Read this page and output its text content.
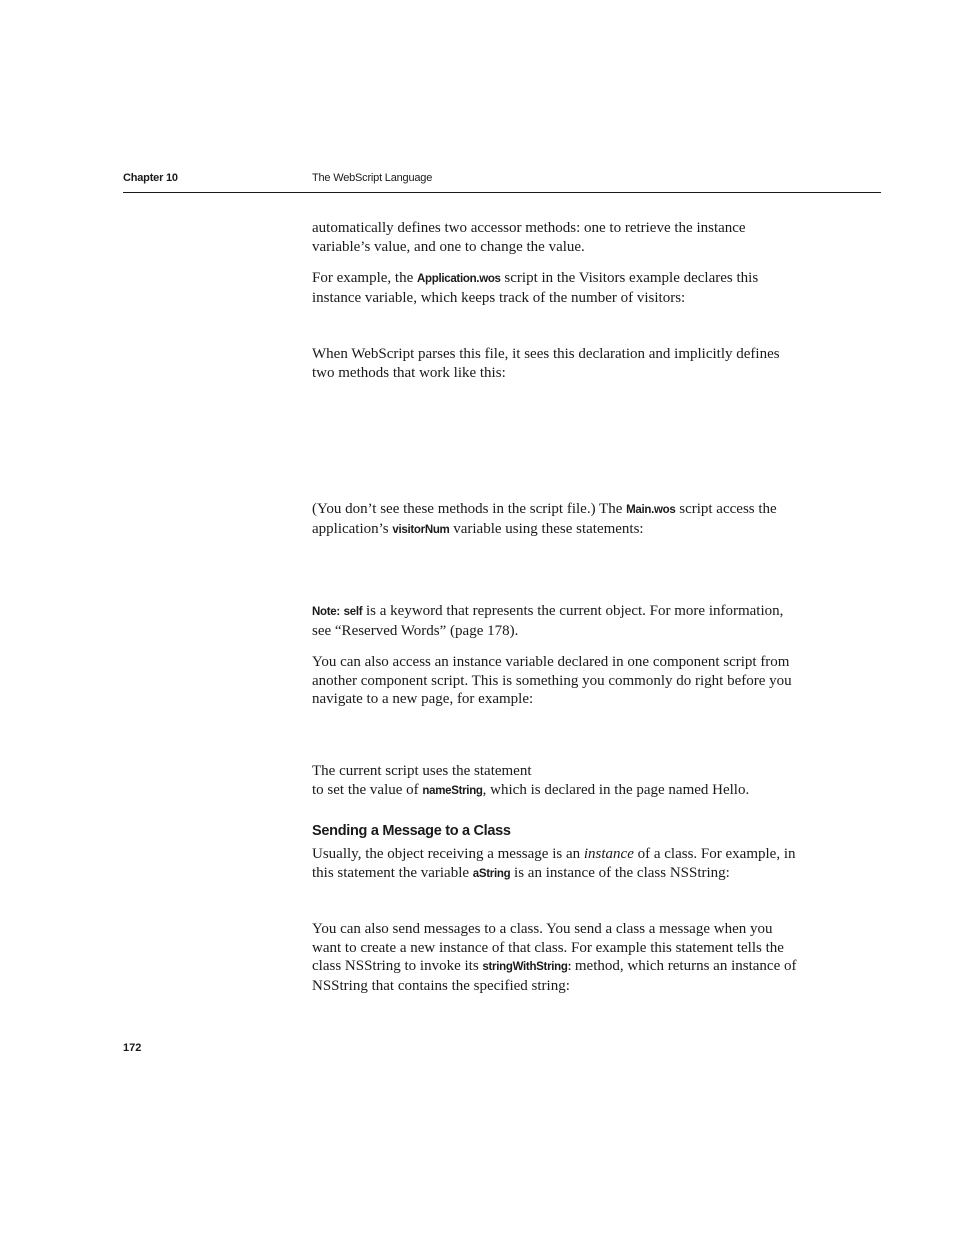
Chapter 10	The WebScript Language

automatically defines two accessor methods: one to retrieve the instance variable’s value, and one to change the value.

For example, the Application.wos script in the Visitors example declares this instance variable, which keeps track of the number of visitors:

When WebScript parses this file, it sees this declaration and implicitly defines two methods that work like this:

(You don’t see these methods in the script file.) The Main.wos script access the application’s visitorNum variable using these statements:

Note: self is a keyword that represents the current object. For more information, see “Reserved Words” (page 178).

You can also access an instance variable declared in one component script from another component script. This is something you commonly do right before you navigate to a new page, for example:

The current script uses the statement
to set the value of nameString, which is declared in the page named Hello.

Sending a Message to a Class

Usually, the object receiving a message is an instance of a class. For example, in this statement the variable aString is an instance of the class NSString:

You can also send messages to a class. You send a class a message when you want to create a new instance of that class. For example this statement tells the class NSString to invoke its stringWithString: method, which returns an instance of NSString that contains the specified string:

172
